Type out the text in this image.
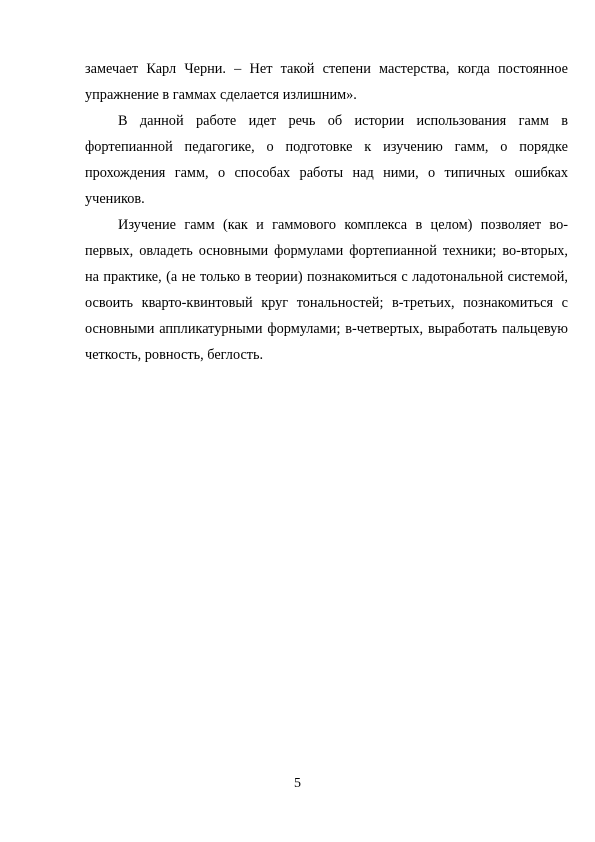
замечает Карл Черни. – Нет такой степени мастерства, когда постоянное упражнение в гаммах сделается излишним».

В данной работе идет речь об истории использования гамм в фортепианной педагогике, о подготовке к изучению гамм, о порядке прохождения гамм, о способах работы над ними, о типичных ошибках учеников.

Изучение гамм (как и гаммового комплекса в целом) позволяет во-первых, овладеть основными формулами фортепианной техники; во-вторых, на практике, (а не только в теории) познакомиться с ладотональной системой, освоить кварто-квинтовый круг тональностей; в-третьих, познакомиться с основными аппликатурными формулами; в-четвертых, выработать пальцевую четкость, ровность, беглость.

5
